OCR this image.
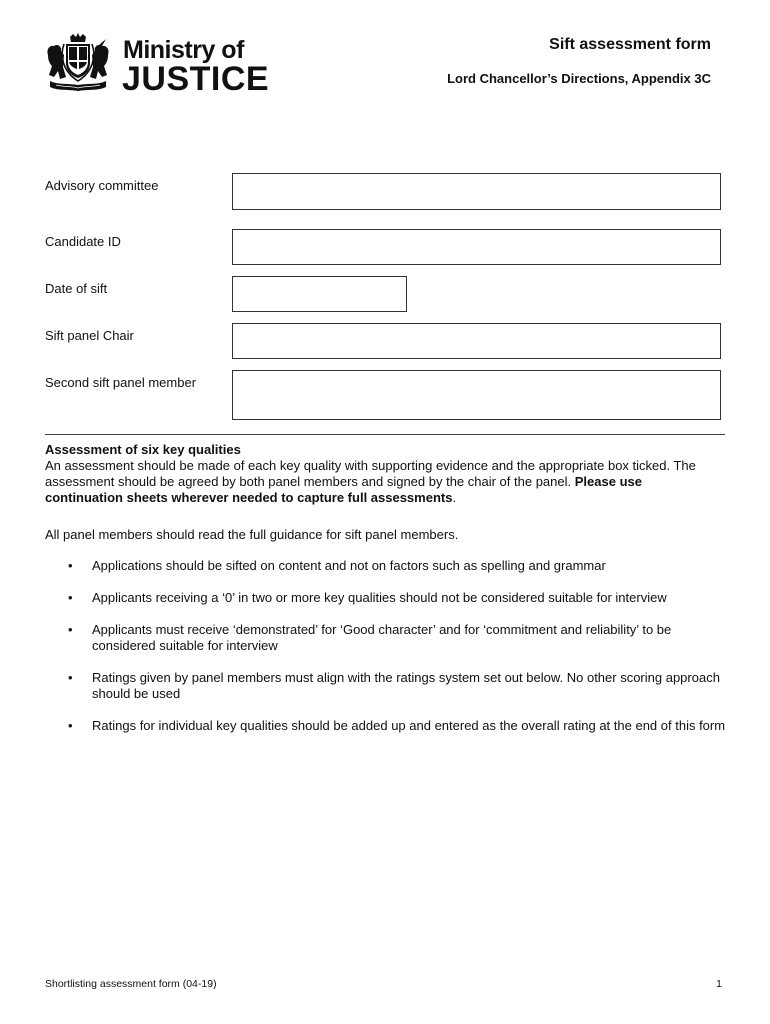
Ministry of
JUSTICE
Sift assessment form
Lord Chancellor’s Directions, Appendix 3C
Advisory committee
Candidate ID
Date of sift
Sift panel Chair
Second sift panel member
Assessment of six key qualities
An assessment should be made of each key quality with supporting evidence and the appropriate box ticked. The assessment should be agreed by both panel members and signed by the chair of the panel. Please use continuation sheets wherever needed to capture full assessments.
All panel members should read the full guidance for sift panel members.
• Applications should be sifted on content and not on factors such as spelling and grammar
• Applicants receiving a ‘0’ in two or more key qualities should not be considered suitable for interview
• Applicants must receive ‘demonstrated’ for ‘Good character’ and for ‘commitment and reliability’ to be considered suitable for interview
• Ratings given by panel members must align with the ratings system set out below. No other scoring approach should be used
• Ratings for individual key qualities should be added up and entered as the overall rating at the end of this form
Shortlisting assessment form (04-19)	1
